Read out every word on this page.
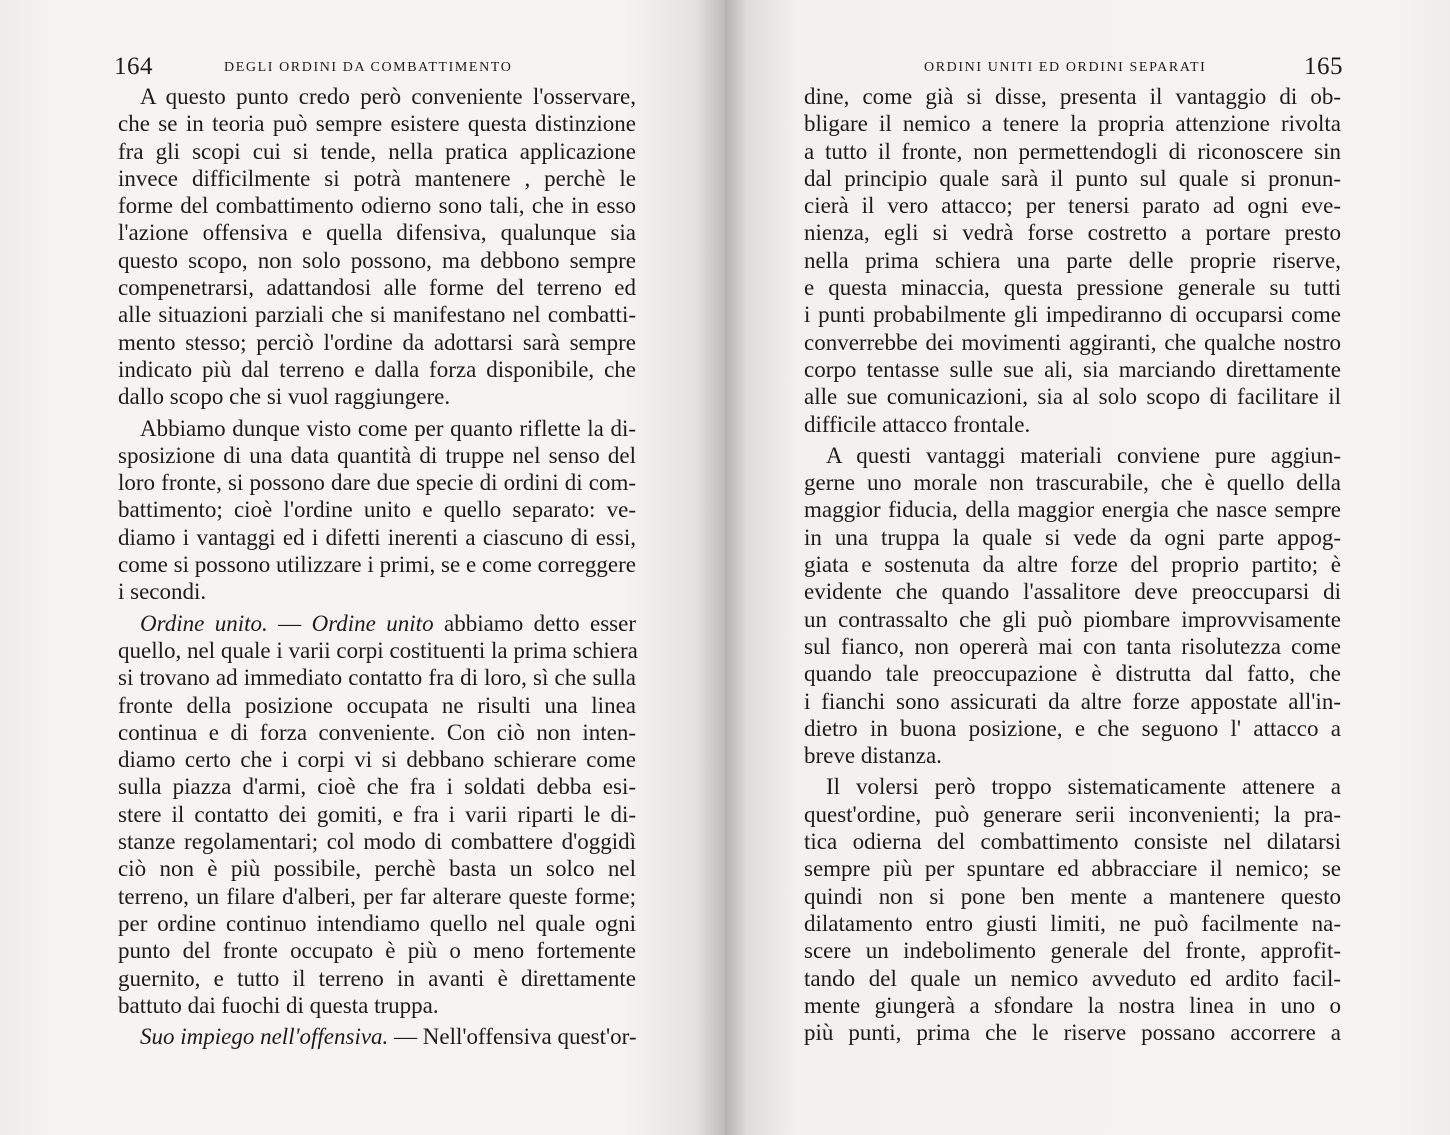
164	DEGLI ORDINI DA COMBATTIMENTO
A questo punto credo però conveniente l'osservare,
che se in teoria può sempre esistere questa distinzione
fra gli scopi cui si tende, nella pratica applicazione
invece difficilmente si potrà mantenere , perchè le
forme del combattimento odierno sono tali, che in esso
l'azione offensiva e quella difensiva, qualunque sia
questo scopo, non solo possono, ma debbono sempre
compenetrarsi, adattandosi alle forme del terreno ed
alle situazioni parziali che si manifestano nel combatti-
mento stesso; perciò l'ordine da adottarsi sarà sempre
indicato più dal terreno e dalla forza disponibile, che
dallo scopo che si vuol raggiungere.
Abbiamo dunque visto come per quanto riflette la di-
sposizione di una data quantità di truppe nel senso del
loro fronte, si possono dare due specie di ordini di com-
battimento; cioè l'ordine unito e quello separato: ve-
diamo i vantaggi ed i difetti inerenti a ciascuno di essi,
come si possono utilizzare i primi, se e come correggere
i secondi.
Ordine unito. — Ordine unito abbiamo detto esser
quello, nel quale i varii corpi costituenti la prima schiera
si trovano ad immediato contatto fra di loro, sì che sulla
fronte della posizione occupata ne risulti una linea
continua e di forza conveniente. Con ciò non inten-
diamo certo che i corpi vi si debbano schierare come
sulla piazza d'armi, cioè che fra i soldati debba esi-
stere il contatto dei gomiti, e fra i varii riparti le di-
stanze regolamentari; col modo di combattere d'oggidì
ciò non è più possibile, perchè basta un solco nel
terreno, un filare d'alberi, per far alterare queste forme;
per ordine continuo intendiamo quello nel quale ogni
punto del fronte occupato è più o meno fortemente
guernito, e tutto il terreno in avanti è direttamente
battuto dai fuochi di questa truppa.
Suo impiego nell'offensiva. — Nell'offensiva quest'or-
ORDINI UNITI ED ORDINI SEPARATI	165
dine, come già si disse, presenta il vantaggio di ob-
bligare il nemico a tenere la propria attenzione rivolta
a tutto il fronte, non permettendogli di riconoscere sin
dal principio quale sarà il punto sul quale si pronun-
cierà il vero attacco; per tenersi parato ad ogni eve-
nienza, egli si vedrà forse costretto a portare presto
nella prima schiera una parte delle proprie riserve,
e questa minaccia, questa pressione generale su tutti
i punti probabilmente gli impediranno di occuparsi come
converrebbe dei movimenti aggiranti, che qualche nostro
corpo tentasse sulle sue ali, sia marciando direttamente
alle sue comunicazioni, sia al solo scopo di facilitare il
difficile attacco frontale.
A questi vantaggi materiali conviene pure aggiun-
gerne uno morale non trascurabile, che è quello della
maggior fiducia, della maggior energia che nasce sempre
in una truppa la quale si vede da ogni parte appog-
giata e sostenuta da altre forze del proprio partito; è
evidente che quando l'assalitore deve preoccuparsi di
un contrassalto che gli può piombare improvvisamente
sul fianco, non opererà mai con tanta risolutezza come
quando tale preoccupazione è distrutta dal fatto, che
i fianchi sono assicurati da altre forze appostate all'in-
dietro in buona posizione, e che seguono l' attacco a
breve distanza.
Il volersi però troppo sistematicamente attenere a
quest'ordine, può generare serii inconvenienti; la pra-
tica odierna del combattimento consiste nel dilatarsi
sempre più per spuntare ed abbracciare il nemico; se
quindi non si pone ben mente a mantenere questo
dilatamento entro giusti limiti, ne può facilmente na-
scere un indebolimento generale del fronte, approfit-
tando del quale un nemico avveduto ed ardito facil-
mente giungerà a sfondare la nostra linea in uno o
più punti, prima che le riserve possano accorrere a
